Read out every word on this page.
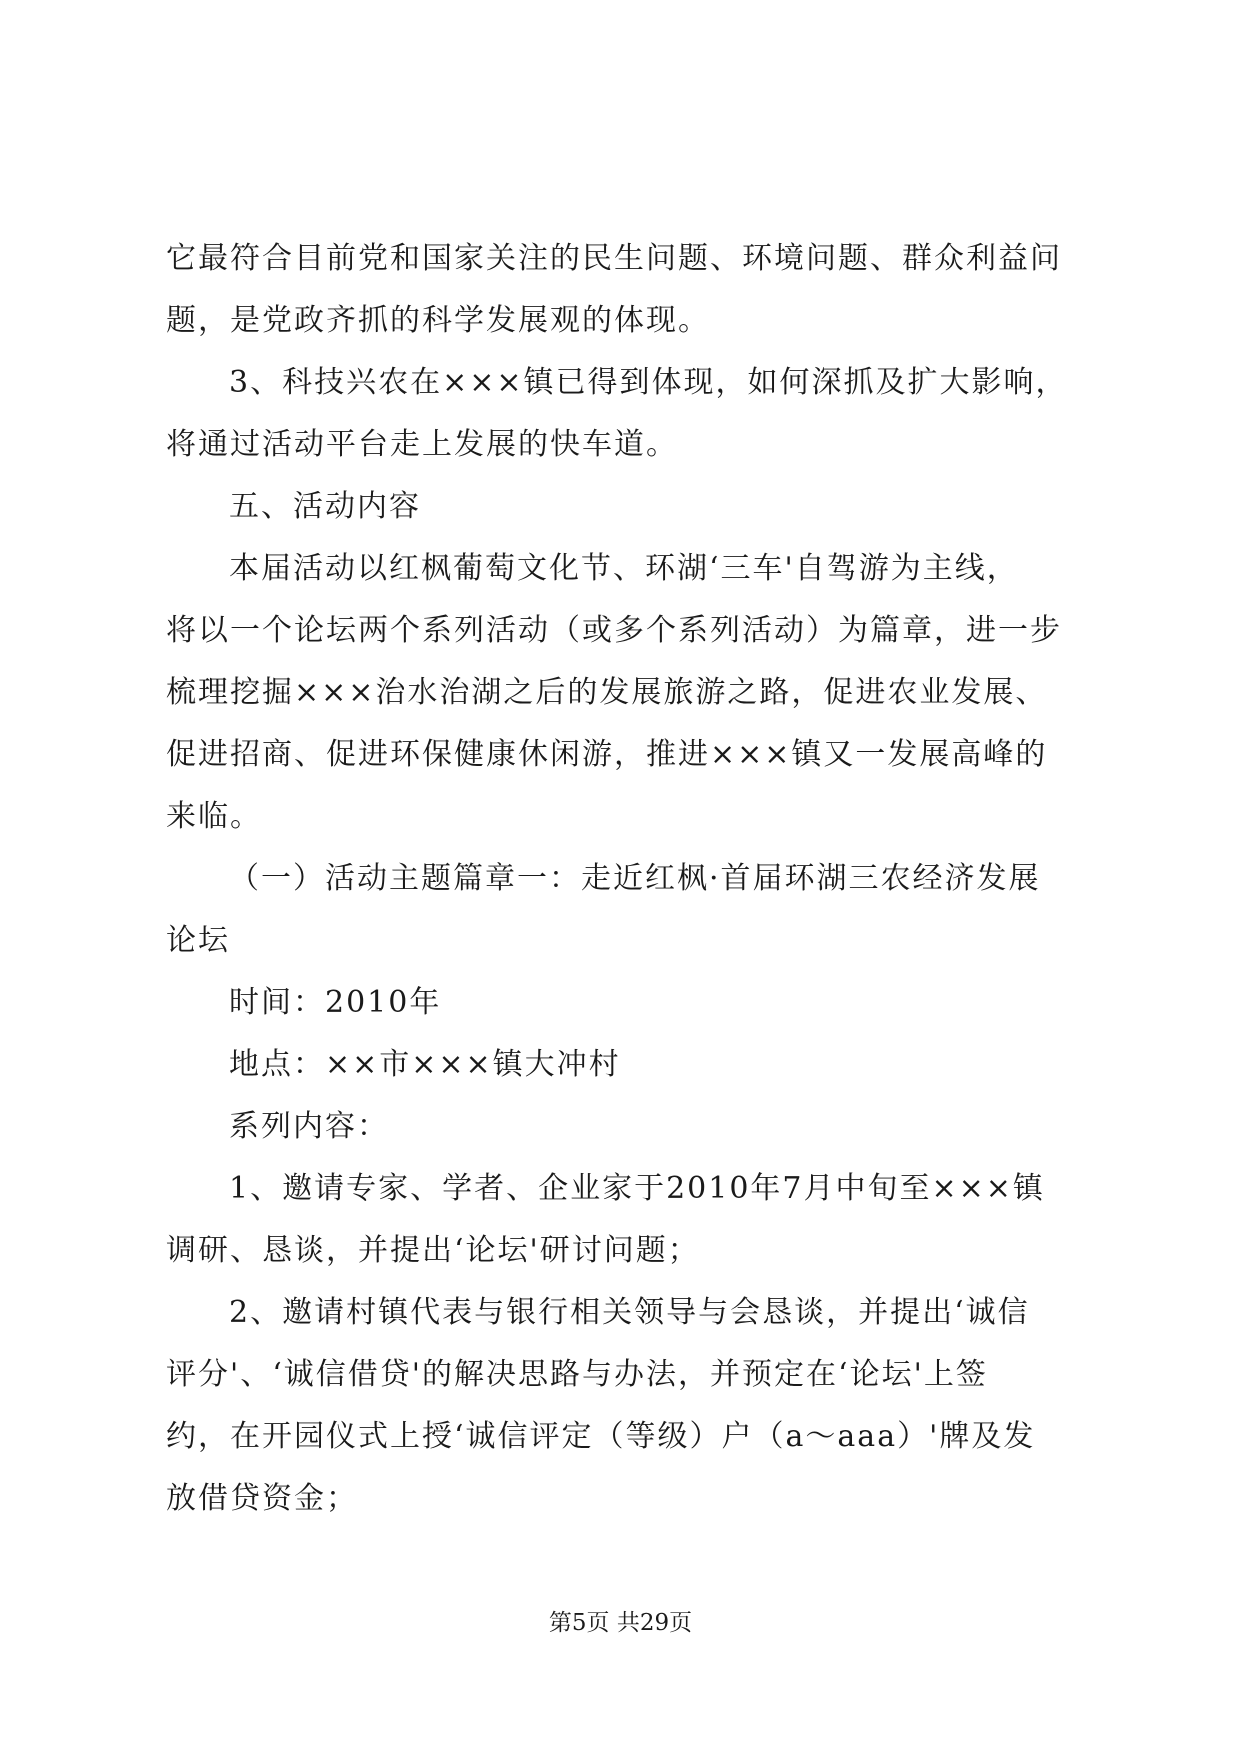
它最符合目前党和国家关注的民生问题、环境问题、群众利益问
题，是党政齐抓的科学发展观的体现。
3、科技兴农在×××镇已得到体现，如何深抓及扩大影响，
将通过活动平台走上发展的快车道。
五、活动内容
本届活动以红枫葡萄文化节、环湖‘三车'自驾游为主线，
将以一个论坛两个系列活动（或多个系列活动）为篇章，进一步
梳理挖掘×××治水治湖之后的发展旅游之路，促进农业发展、
促进招商、促进环保健康休闲游，推进×××镇又一发展高峰的
来临。
（一）活动主题篇章一：走近红枫·首届环湖三农经济发展
论坛
时间：2010年
地点：××市×××镇大冲村
系列内容：
1、邀请专家、学者、企业家于2010年7月中旬至×××镇
调研、恳谈，并提出‘论坛'研讨问题；
2、邀请村镇代表与银行相关领导与会恳谈，并提出‘诚信
评分'、‘诚信借贷'的解决思路与办法，并预定在‘论坛'上签
约，在开园仪式上授‘诚信评定（等级）户（a～aaa）'牌及发
放借贷资金；
第5页 共29页
